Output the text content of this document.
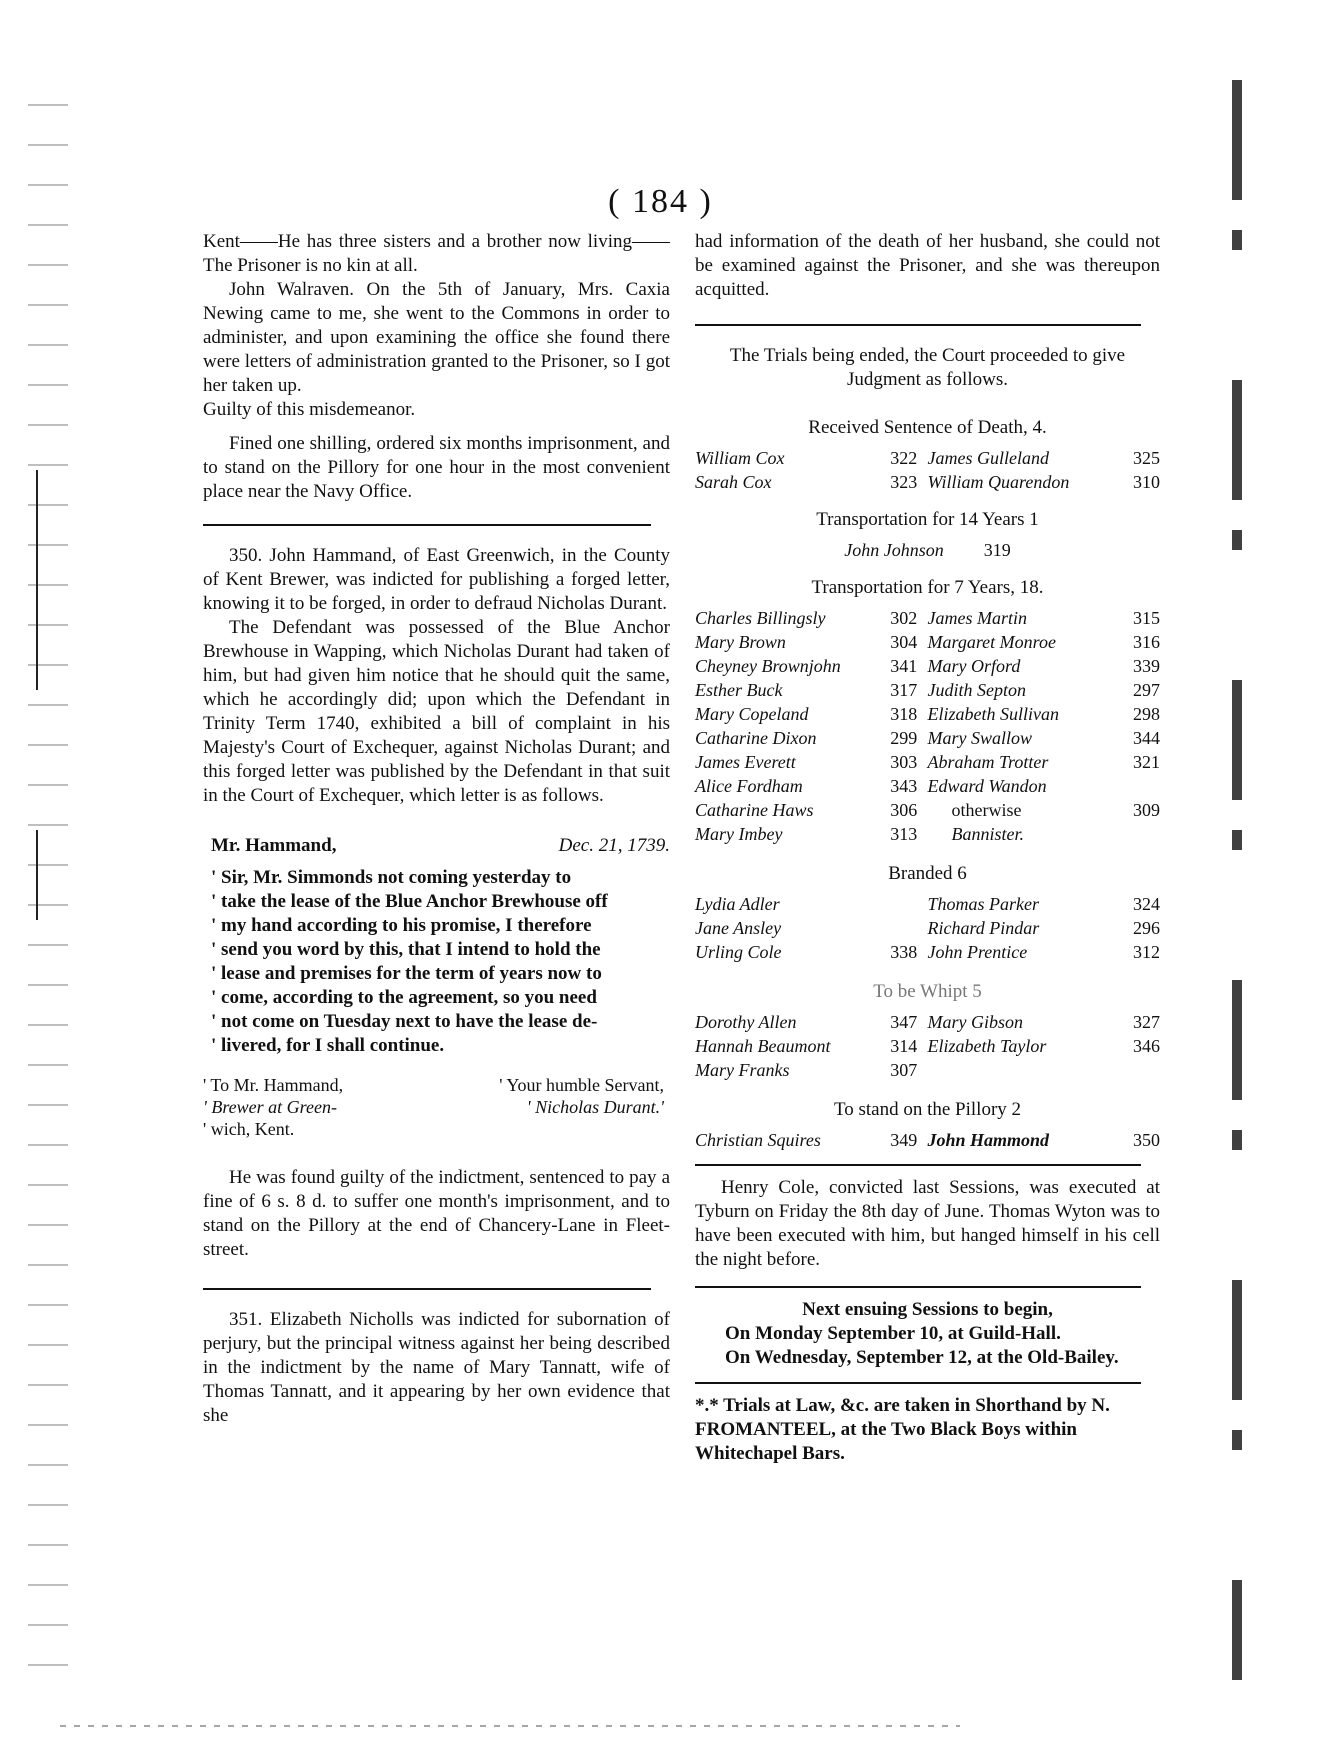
( 184 )

Kent——He has three sisters and a brother now living——The Prisoner is no kin at all.

John Walraven. On the 5th of January, Mrs. Caxia Newing came to me, she went to the Commons in order to administer, and upon examining the office she found there were letters of administration granted to the Prisoner, so I got her taken up.

Guilty of this misdemeanor.

Fined one shilling, ordered six months imprisonment, and to stand on the Pillory for one hour in the most convenient place near the Navy Office.

350. John Hammand, of East Greenwich, in the County of Kent Brewer, was indicted for publishing a forged letter, knowing it to be forged, in order to defraud Nicholas Durant.

The Defendant was possessed of the Blue Anchor Brewhouse in Wapping, which Nicholas Durant had taken of him, but had given him notice that he should quit the same, which he accordingly did; upon which the Defendant in Trinity Term 1740, exhibited a bill of complaint in his Majesty's Court of Exchequer, against Nicholas Durant; and this forged letter was published by the Defendant in that suit in the Court of Exchequer, which letter is as follows.

Mr. Hammand,	Dec. 21, 1739.

' Sir, Mr. Simmonds not coming yesterday to

' take the lease of the Blue Anchor Brewhouse off

' my hand according to his promise, I therefore

' send you word by this, that I intend to hold the

' lease and premises for the term of years now to

' come, according to the agreement, so you need

' not come on Tuesday next to have the lease de-

' livered, for I shall continue.

' To Mr. Hammand,
' Brewer at Green-
' wich, Kent.
' Your humble Servant,
' Nicholas Durant.'

He was found guilty of the indictment, sentenced to pay a fine of 6 s. 8 d. to suffer one month's imprisonment, and to stand on the Pillory at the end of Chancery-Lane in Fleet-street.

351. Elizabeth Nicholls was indicted for subornation of perjury, but the principal witness against her being described in the indictment by the name of Mary Tannatt, wife of Thomas Tannatt, and it appearing by her own evidence that she

had information of the death of her husband, she could not be examined against the Prisoner, and she was thereupon acquitted.

The Trials being ended, the Court proceeded to give Judgment as follows.

Received Sentence of Death, 4.
William Cox	322	James Gulleland	325
Sarah Cox	323	William Quarendon	310
Transportation for 14 Years 1
John Johnson 319
Transportation for 7 Years, 18.
Charles Billingsly	302	James Martin	315
Mary Brown	304	Margaret Monroe	316
Cheyney Brownjohn	341	Mary Orford	339
Esther Buck	317	Judith Septon	297
Mary Copeland	318	Elizabeth Sullivan	298
Catharine Dixon	299	Mary Swallow	344
James Everett	303	Abraham Trotter	321
Alice Fordham	343	Edward Wandon	
Catharine Haws	306	otherwise	309
Mary Imbey	313	Bannister.	
Branded 6
Lydia Adler		Thomas Parker	324
Jane Ansley		Richard Pindar	296
Urling Cole	338	John Prentice	312
To be Whipt 5
Dorothy Allen	347	Mary Gibson	327
Hannah Beaumont	314	Elizabeth Taylor	346
Mary Franks	307		
To stand on the Pillory 2
Christian Squires	349	John Hammond	350

Henry Cole, convicted last Sessions, was executed at Tyburn on Friday the 8th day of June. Thomas Wyton was to have been executed with him, but hanged himself in his cell the night before.

Next ensuing Sessions to begin,
On Monday September 10, at Guild-Hall.
On Wednesday, September 12, at the Old-Bailey.

*.* Trials at Law, &c. are taken in Shorthand by N. FROMANTEEL, at the Two Black Boys within Whitechapel Bars.
